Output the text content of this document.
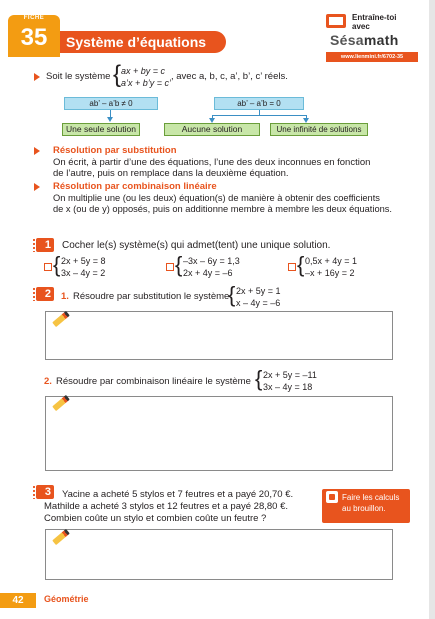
FICHE
35	Système d’équations
Entraîne-toi
avec
Sésamath
www.lienmini.fr/6702-35
Soit le système { ax + by = c
a’x + b’y = c’
, avec a, b, c, a’, b’, c’ réels.
ab’ – a’b ≠ 0	ab’ – a’b = 0
Une seule solution	Aucune solution	Une infinité de solutions
Résolution par substitution
On écrit, à partir d’une des équations, l’une des deux inconnues en fonction
de l’autre, puis on remplace dans la deuxième équation.
Résolution par combinaison linéaire
On multiplie une (ou les deux) équation(s) de manière à obtenir des coefficients
de x (ou de y) opposés, puis on additionne membre à membre les deux équations.
1	Cocher le(s) système(s) qui admet(tent) une unique solution.
{ 2x + 5y = 8
3x – 4y = 2	{ –3x – 6y = 1,3
2x + 4y = –6	{ 0,5x + 4y = 1
–x + 16y = 2
2	1. Résoudre par substitution le système
{ 2x + 5y = 1
x – 4y = –6
2. Résoudre par combinaison linéaire le système { 2x + 5y = –11
3x – 4y = 18
3	Yacine a acheté 5 stylos et 7 feutres et a payé 20,70 €.
Mathilde a acheté 3 stylos et 12 feutres et a payé 28,80 €.
Combien coûte un stylo et combien coûte un feutre ?
Faire les calculs
au brouillon.
42	Géométrie
